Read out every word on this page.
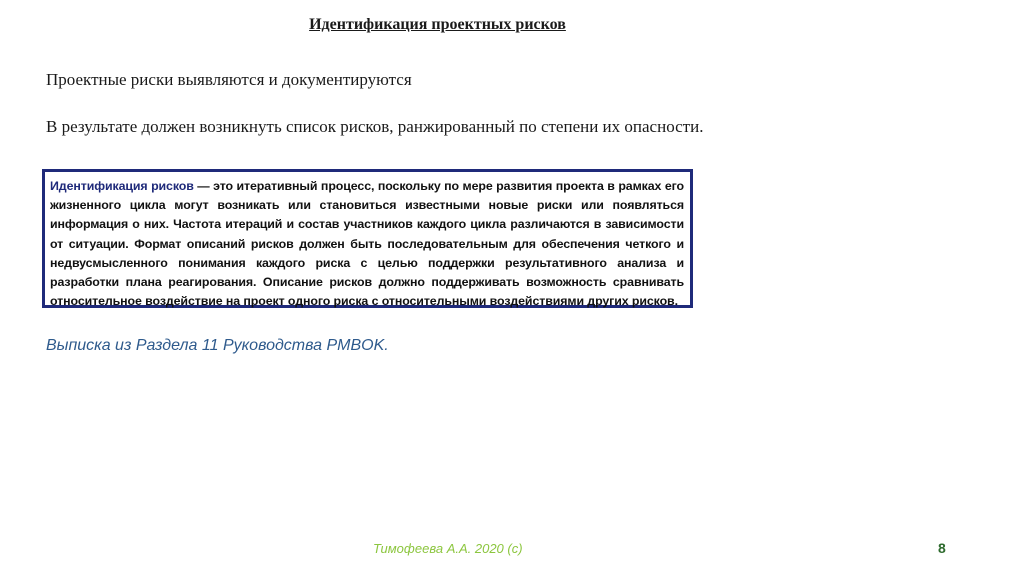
Идентификация проектных рисков
Проектные риски выявляются и документируются
В результате должен возникнуть список рисков, ранжированный по степени их опасности.
Идентификация рисков — это итеративный процесс, поскольку по мере развития проекта в рамках его жизненного цикла могут возникать или становиться известными новые риски или появляться информация о них. Частота итераций и состав участников каждого цикла различаются в зависимости от ситуации. Формат описаний рисков должен быть последовательным для обеспечения четкого и недвусмысленного понимания каждого риска с целью поддержки результативного анализа и разработки плана реагирования. Описание рисков должно поддерживать возможность сравнивать относительное воздействие на проект одного риска с относительными воздействиями других рисков.
Выписка из Раздела 11 Руководства PMBOK.
Тимофеева А.А. 2020 (с)	8
